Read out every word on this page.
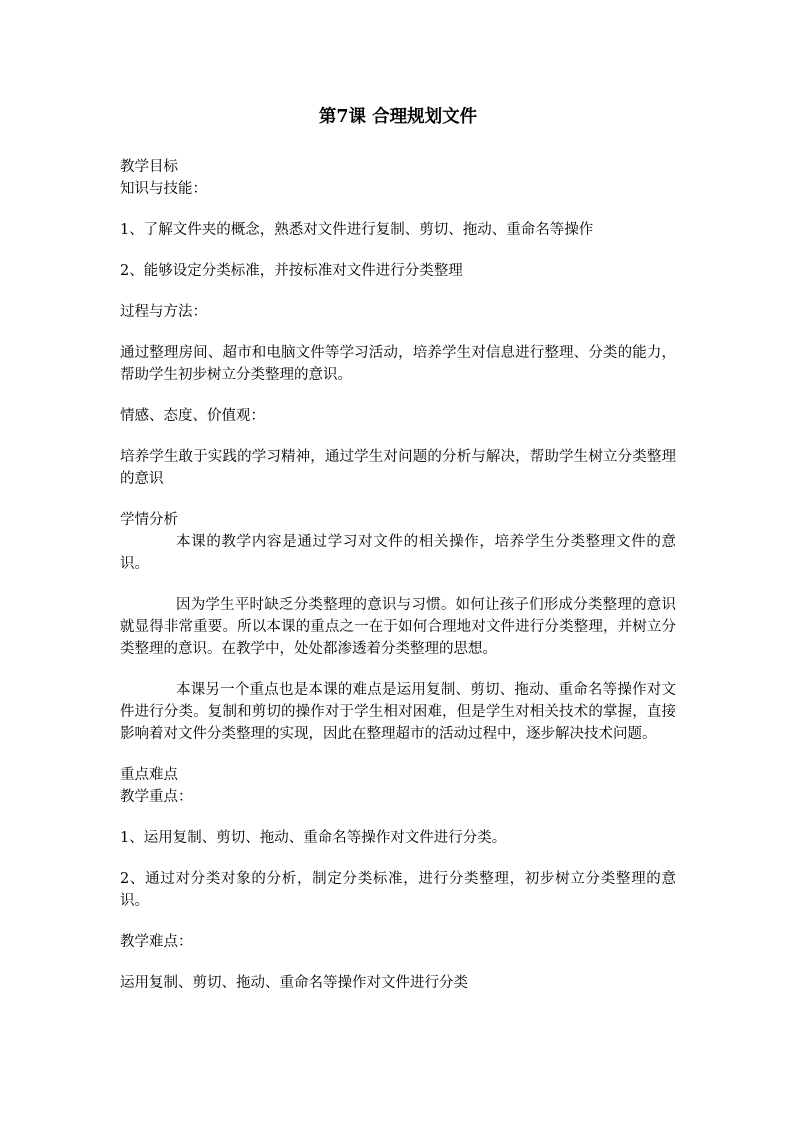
第7课 合理规划文件

教学目标

知识与技能：

1、了解文件夹的概念，熟悉对文件进行复制、剪切、拖动、重命名等操作

2、能够设定分类标准，并按标准对文件进行分类整理

过程与方法：

通过整理房间、超市和电脑文件等学习活动，培养学生对信息进行整理、分类的能力，帮助学生初步树立分类整理的意识。

情感、态度、价值观：

培养学生敢于实践的学习精神，通过学生对问题的分析与解决，帮助学生树立分类整理的意识

学情分析

本课的教学内容是通过学习对文件的相关操作，培养学生分类整理文件的意识。

因为学生平时缺乏分类整理的意识与习惯。如何让孩子们形成分类整理的意识就显得非常重要。所以本课的重点之一在于如何合理地对文件进行分类整理，并树立分类整理的意识。在教学中，处处都渗透着分类整理的思想。

本课另一个重点也是本课的难点是运用复制、剪切、拖动、重命名等操作对文件进行分类。复制和剪切的操作对于学生相对困难，但是学生对相关技术的掌握，直接影响着对文件分类整理的实现，因此在整理超市的活动过程中，逐步解决技术问题。

重点难点

教学重点：

1、运用复制、剪切、拖动、重命名等操作对文件进行分类。

2、通过对分类对象的分析，制定分类标准，进行分类整理，初步树立分类整理的意识。

教学难点：

运用复制、剪切、拖动、重命名等操作对文件进行分类
